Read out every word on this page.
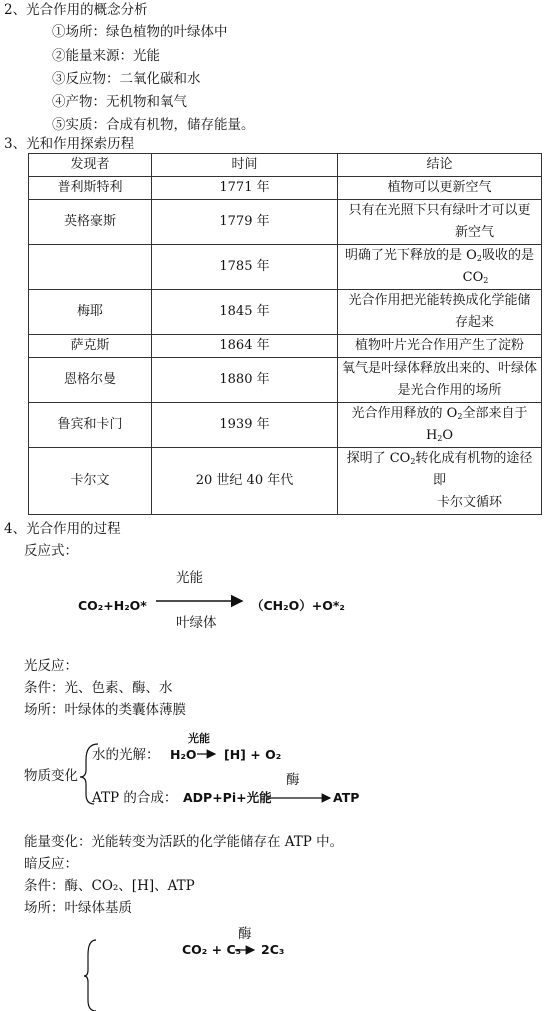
2、光合作用的概念分析
①场所：绿色植物的叶绿体中
②能量来源：光能
③反应物：二氧化碳和水
④产物：无机物和氧气
⑤实质：合成有机物，储存能量。
3、光和作用探索历程
发现者	时间	结论
普利斯特利	1771 年	植物可以更新空气
英格豪斯	1779 年	只有在光照下只有绿叶才可以更
新空气
	1785 年	明确了光下释放的是 $O_2$吸收的是
$CO_2$
梅耶	1845 年	光合作用把光能转换成化学能储
存起来
萨克斯	1864 年	植物叶片光合作用产生了淀粉
恩格尔曼	1880 年	氧气是叶绿体释放出来的、叶绿体
是光合作用的场所
鲁宾和卡门	1939 年	光合作用释放的 $O_2$全部来自于 $H_2O$
卡尔文	20 世纪 40 年代	探明了 $CO_2$转化成有机物的途径即
卡尔文循环
4、光合作用的过程
反应式：
光能
CO₂+H₂O*	（CH₂O）+O*₂
叶绿体
光反应：
条件：光、色素、酶、水
场所：叶绿体的类囊体薄膜
物质变化
水的光解：
光能
H₂O [H] + O₂
酶
ATP 的合成： ADP+Pi+光能	ATP
能量变化：光能转变为活跃的化学能储存在 ATP 中。
暗反应：
条件：酶、CO₂、[H]、ATP
场所：叶绿体基质
酶
CO₂ + C₅ 2C₃
